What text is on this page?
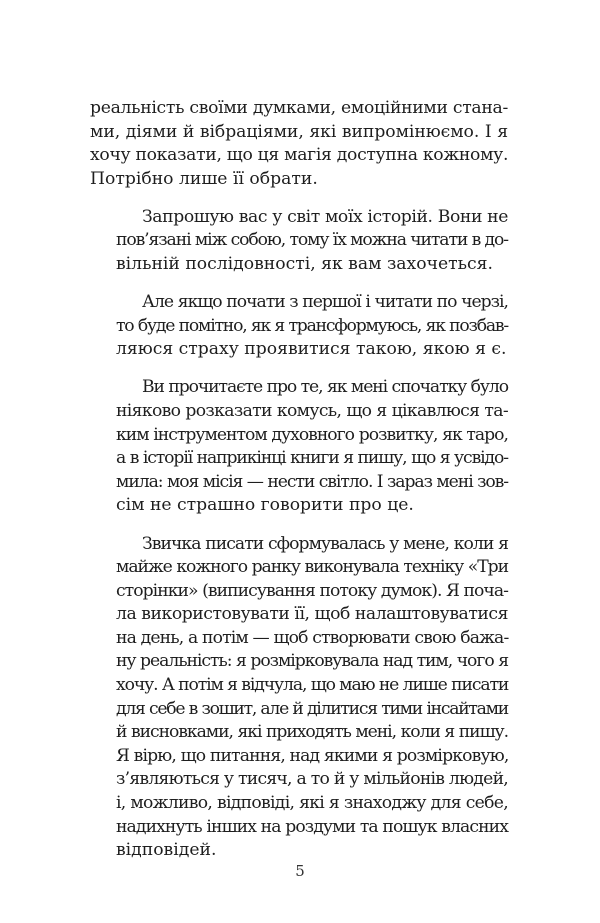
реальність своїми думками, емоційними стана-
ми, діями й вібраціями, які випромінюємо. І я
хочу показати, що ця магія доступна кожному.
Потрібно лише її обрати.
Запрошую вас у світ моїх історій. Вони не
пов’язані між собою, тому їх можна читати в до-
вільній послідовності, як вам захочеться.
Але якщо почати з першої і читати по черзі,
то буде помітно, як я трансформуюсь, як позбав-
ляюся страху проявитися такою, якою я є.
Ви прочитаєте про те, як мені спочатку було
ніяково розказати комусь, що я цікавлюся та-
ким інструментом духовного розвитку, як таро,
а в історії наприкінці книги я пишу, що я усвідо-
мила: моя місія — нести світло. І зараз мені зов-
сім не страшно говорити про це.
Звичка писати сформувалась у мене, коли я
майже кожного ранку виконувала техніку «Три
сторінки» (виписування потоку думок). Я поча-
ла використовувати її, щоб налаштовуватися
на день, а потім — щоб створювати свою бажа-
ну реальність: я розмірковувала над тим, чого я
хочу. А потім я відчула, що маю не лише писати
для себе в зошит, але й ділитися тими інсайтами
й висновками, які приходять мені, коли я пишу.
Я вірю, що питання, над якими я розмірковую,
з’являються у тисяч, а то й у мільйонів людей,
і, можливо, відповіді, які я знаходжу для себе,
надихнуть інших на роздуми та пошук власних
відповідей.
5
